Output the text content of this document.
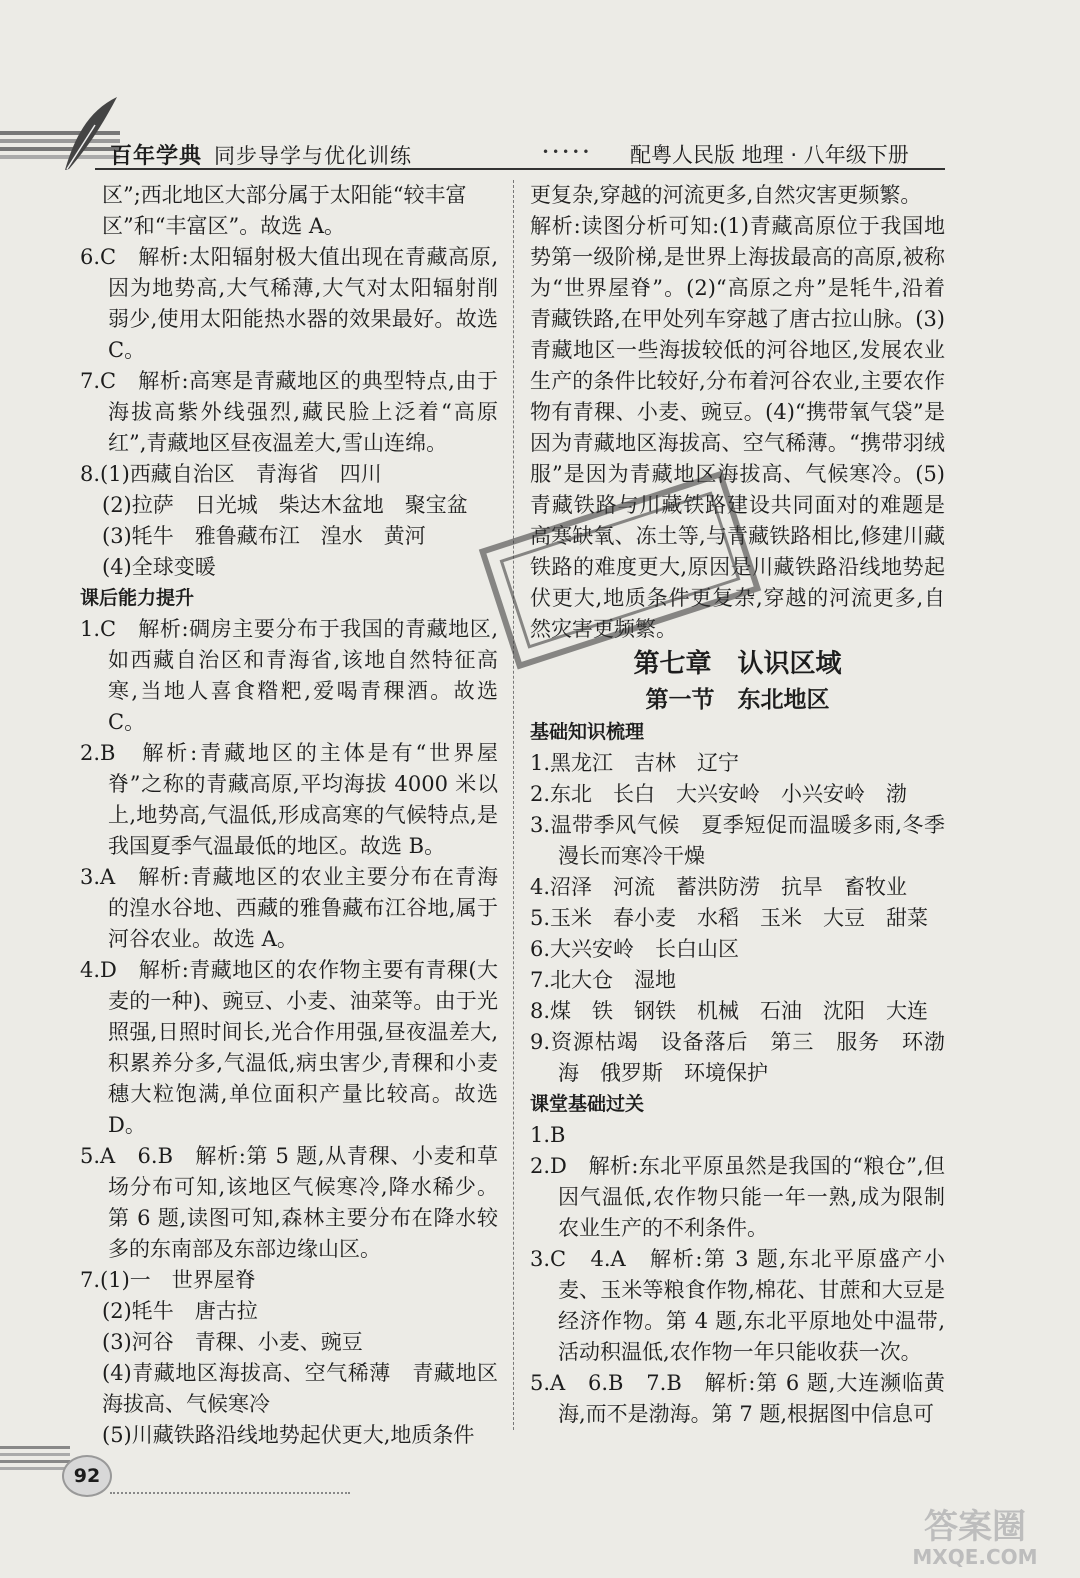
百年学典 同步导学与优化训练	••••• 配粤人民版 地理 · 八年级下册

区”;西北地区大部分属于太阳能“较丰富

区”和“丰富区”。故选 A。

6.C　解析:太阳辐射极大值出现在青藏高原,因为地势高,大气稀薄,大气对太阳辐射削弱少,使用太阳能热水器的效果最好。故选 C。

7.C　解析:高寒是青藏地区的典型特点,由于海拔高紫外线强烈,藏民脸上泛着“高原红”,青藏地区昼夜温差大,雪山连绵。

8.(1)西藏自治区　青海省　四川

(2)拉萨　日光城　柴达木盆地　聚宝盆

(3)牦牛　雅鲁藏布江　湟水　黄河

(4)全球变暖

课后能力提升

1.C　解析:碉房主要分布于我国的青藏地区,如西藏自治区和青海省,该地自然特征高寒,当地人喜食糌粑,爱喝青稞酒。故选 C。

2.B　解析:青藏地区的主体是有“世界屋脊”之称的青藏高原,平均海拔 4000 米以上,地势高,气温低,形成高寒的气候特点,是我国夏季气温最低的地区。故选 B。

3.A　解析:青藏地区的农业主要分布在青海的湟水谷地、西藏的雅鲁藏布江谷地,属于河谷农业。故选 A。

4.D　解析:青藏地区的农作物主要有青稞(大麦的一种)、豌豆、小麦、油菜等。由于光照强,日照时间长,光合作用强,昼夜温差大,积累养分多,气温低,病虫害少,青稞和小麦穗大粒饱满,单位面积产量比较高。故选 D。

5.A　6.B　解析:第 5 题,从青稞、小麦和草场分布可知,该地区气候寒冷,降水稀少。第 6 题,读图可知,森林主要分布在降水较多的东南部及东部边缘山区。

7.(1)一　世界屋脊

(2)牦牛　唐古拉

(3)河谷　青稞、小麦、豌豆

(4)青藏地区海拔高、空气稀薄　青藏地区海拔高、气候寒冷

(5)川藏铁路沿线地势起伏更大,地质条件

更复杂,穿越的河流更多,自然灾害更频繁。

解析:读图分析可知:(1)青藏高原位于我国地势第一级阶梯,是世界上海拔最高的高原,被称为“世界屋脊”。(2)“高原之舟”是牦牛,沿着青藏铁路,在甲处列车穿越了唐古拉山脉。(3)青藏地区一些海拔较低的河谷地区,发展农业生产的条件比较好,分布着河谷农业,主要农作物有青稞、小麦、豌豆。(4)“携带氧气袋”是因为青藏地区海拔高、空气稀薄。“携带羽绒服”是因为青藏地区海拔高、气候寒冷。(5)青藏铁路与川藏铁路建设共同面对的难题是高寒缺氧、冻土等,与青藏铁路相比,修建川藏铁路的难度更大,原因是川藏铁路沿线地势起伏更大,地质条件更复杂,穿越的河流更多,自然灾害更频繁。

第七章　认识区域

第一节　东北地区

基础知识梳理

1.黑龙江　吉林　辽宁

2.东北　长白　大兴安岭　小兴安岭　渤

3.温带季风气候　夏季短促而温暖多雨,冬季漫长而寒冷干燥

4.沼泽　河流　蓄洪防涝　抗旱　畜牧业

5.玉米　春小麦　水稻　玉米　大豆　甜菜

6.大兴安岭　长白山区

7.北大仓　湿地

8.煤　铁　钢铁　机械　石油　沈阳　大连

9.资源枯竭　设备落后　第三　服务　环渤海　俄罗斯　环境保护

课堂基础过关

1.B

2.D　解析:东北平原虽然是我国的“粮仓”,但因气温低,农作物只能一年一熟,成为限制农业生产的不利条件。

3.C　4.A　解析:第 3 题,东北平原盛产小麦、玉米等粮食作物,棉花、甘蔗和大豆是经济作物。第 4 题,东北平原地处中温带,活动积温低,农作物一年只能收获一次。

5.A　6.B　7.B　解析:第 6 题,大连濒临黄海,而不是渤海。第 7 题,根据图中信息可

92
答案圈
MXQE.COM
